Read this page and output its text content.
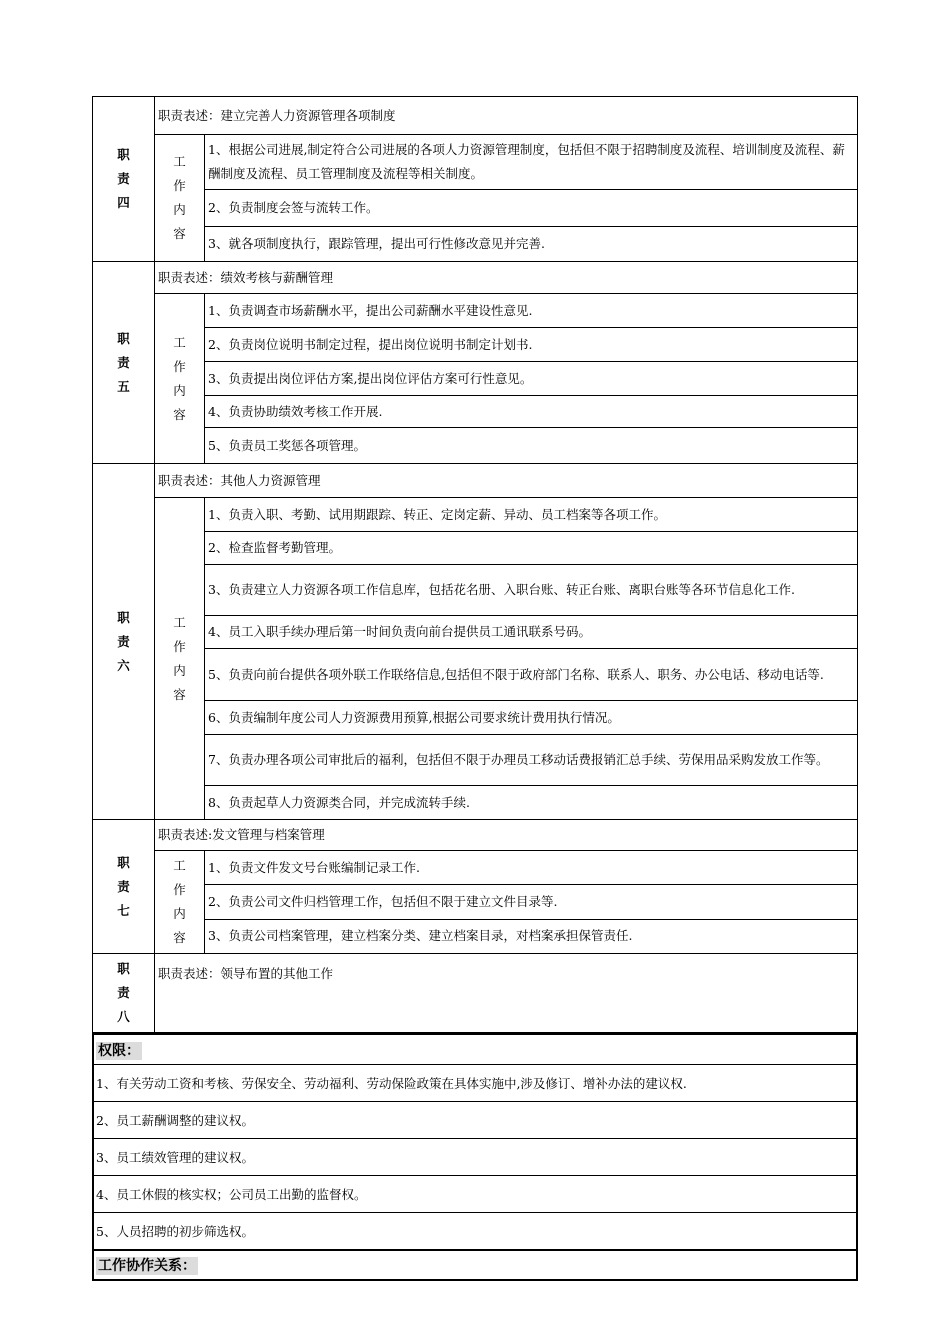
职责四	职责表述：建立完善人力资源管理各项制度	

	工作内容	1、根据公司进展,制定符合公司进展的各项人力资源管理制度，包括但不限于招聘制度及流程、培训制度及流程、薪酬制度及流程、员工管理制度及流程等相关制度。
		2、负责制度会签与流转工作。
		3、就各项制度执行，跟踪管理，提出可行性修改意见并完善.

职责五	职责表述：绩效考核与薪酬管理	

	工作内容	1、负责调查市场薪酬水平，提出公司薪酬水平建设性意见.
		2、负责岗位说明书制定过程，提出岗位说明书制定计划书.
		3、负责提出岗位评估方案,提出岗位评估方案可行性意见。
		4、负责协助绩效考核工作开展.
		5、负责员工奖惩各项管理。

职责六	职责表述：其他人力资源管理	

	工作内容	1、负责入职、考勤、试用期跟踪、转正、定岗定薪、异动、员工档案等各项工作。
		2、检查监督考勤管理。
		3、负责建立人力资源各项工作信息库，包括花名册、入职台账、转正台账、离职台账等各环节信息化工作.
		4、员工入职手续办理后第一时间负责向前台提供员工通讯联系号码。
		5、负责向前台提供各项外联工作联络信息,包括但不限于政府部门名称、联系人、职务、办公电话、移动电话等.
		6、负责编制年度公司人力资源费用预算,根据公司要求统计费用执行情况。
		7、负责办理各项公司审批后的福利，包括但不限于办理员工移动话费报销汇总手续、劳保用品采购发放工作等。
		8、负责起草人力资源类合同，并完成流转手续.

职责七	职责表述:发文管理与档案管理	

	工作内容	1、负责文件发文号台账编制记录工作.
		2、负责公司文件归档管理工作，包括但不限于建立文件目录等.
		3、负责公司档案管理，建立档案分类、建立档案目录，对档案承担保管责任.

职责八	职责表述：领导布置的其他工作	
权限：
1、有关劳动工资和考核、劳保安全、劳动福利、劳动保险政策在具体实施中,涉及修订、增补办法的建议权.
2、员工薪酬调整的建议权。
3、员工绩效管理的建议权。
4、员工休假的核实权；公司员工出勤的监督权。
5、人员招聘的初步筛选权。
工作协作关系：
